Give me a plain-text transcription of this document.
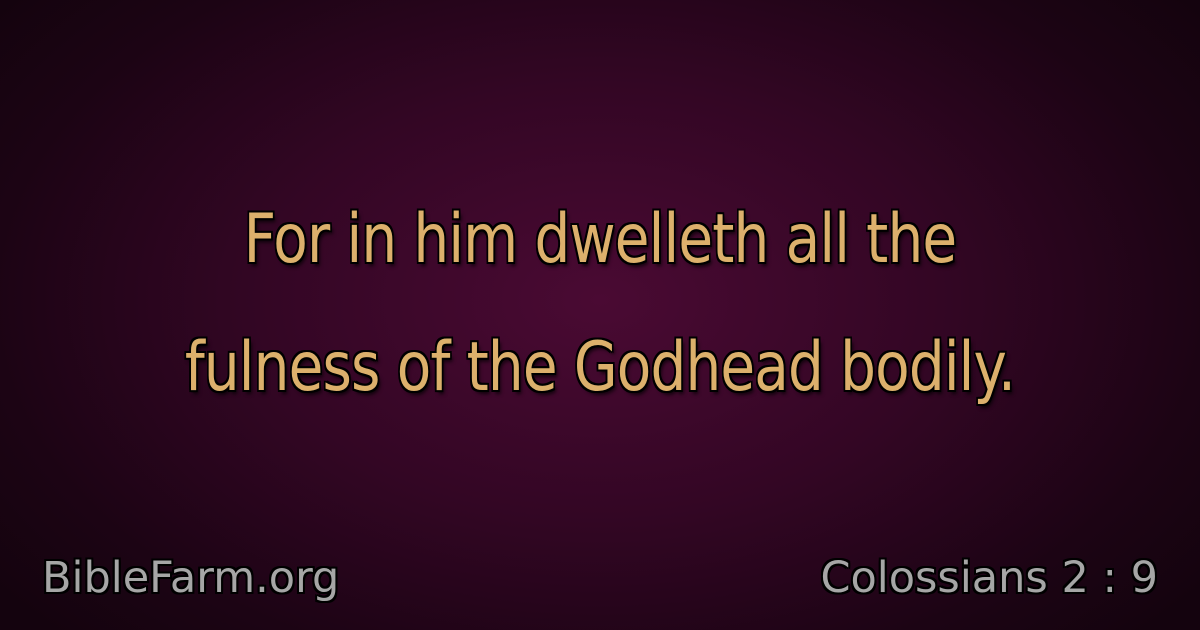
For in him dwelleth all the
fulness of the Godhead bodily.

BibleFarm.org	Colossians 2 : 9
